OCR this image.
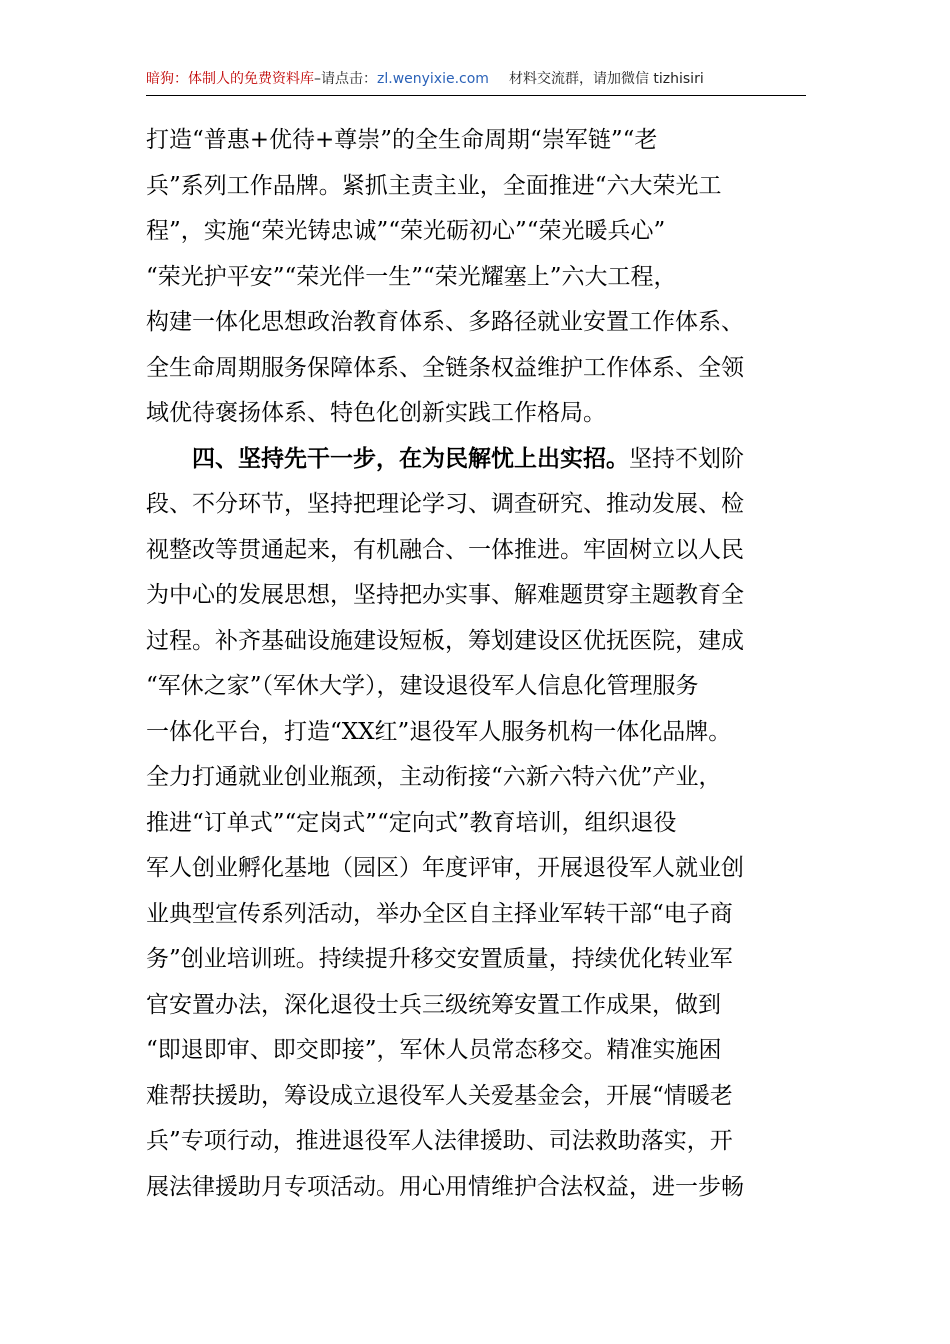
暗狗：体制人的免费资料库–请点击：zl.wenyixie.com 材料交流群，请加微信 tizhisiri
打造“普惠+优待+尊崇”的全生命周期“崇军链”“老
兵”系列工作品牌。紧抓主责主业，全面推进“六大荣光工
程”，实施“荣光铸忠诚”“荣光砺初心”“荣光暖兵心”
“荣光护平安”“荣光伴一生”“荣光耀塞上”六大工程，
构建一体化思想政治教育体系、多路径就业安置工作体系、
全生命周期服务保障体系、全链条权益维护工作体系、全领
域优待褒扬体系、特色化创新实践工作格局。
四、坚持先干一步，在为民解忧上出实招。坚持不划阶
段、不分环节，坚持把理论学习、调查研究、推动发展、检
视整改等贯通起来，有机融合、一体推进。牢固树立以人民
为中心的发展思想，坚持把办实事、解难题贯穿主题教育全
过程。补齐基础设施建设短板，筹划建设区优抚医院，建成
“军休之家”（军休大学），建设退役军人信息化管理服务
一体化平台，打造“XX红”退役军人服务机构一体化品牌。
全力打通就业创业瓶颈，主动衔接“六新六特六优”产业，
推进“订单式”“定岗式”“定向式”教育培训，组织退役
军人创业孵化基地（园区）年度评审，开展退役军人就业创
业典型宣传系列活动，举办全区自主择业军转干部“电子商
务”创业培训班。持续提升移交安置质量，持续优化转业军
官安置办法，深化退役士兵三级统筹安置工作成果，做到
“即退即审、即交即接”，军休人员常态移交。精准实施困
难帮扶援助，筹设成立退役军人关爱基金会，开展“情暖老
兵”专项行动，推进退役军人法律援助、司法救助落实，开
展法律援助月专项活动。用心用情维护合法权益，进一步畅
